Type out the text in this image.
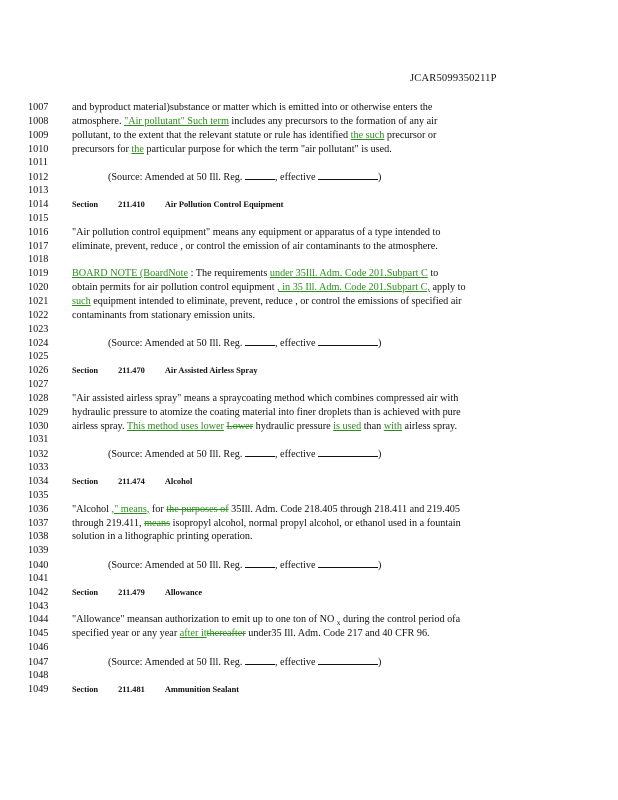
JCAR5099350211P
1007 and byproduct material)substance or matter which is emitted into or otherwise enters the
1008 atmosphere. "Air pollutant" Such term includes any precursors to the formation of any air
1009 pollutant, to the extent that the relevant statute or rule has identified the such precursor or
1010 precursors for the particular purpose for which the term "air pollutant" is used.
1011
1012	(Source: Amended at 50 Ill. Reg.	, effective	)
1013
1014	Section 211.410 Air Pollution Control Equipment
1015
1016 "Air pollution control equipment" means any equipment or apparatus of a type intended to
1017 eliminate, prevent, reduce , or control the emission of air contaminants to the atmosphere.
1018
1019 BOARD NOTE (BoardNote : The requirements under 35Ill. Adm. Code 201.Subpart C to
1020 obtain permits for air pollution control equipment , in 35 Ill. Adm. Code 201.Subpart C, apply to
1021 such equipment intended to eliminate, prevent, reduce , or control the emissions of specified air
1022 contaminants from stationary emission units.
1023
1024	(Source: Amended at 50 Ill. Reg.	, effective	)
1025
1026	Section 211.470 Air Assisted Airless Spray
1027
1028 "Air assisted airless spray" means a spraycoating method which combines compressed air with
1029 hydraulic pressure to atomize the coating material into finer droplets than is achieved with pure
1030 airless spray. This method uses lower Lower hydraulic pressure is used than with airless spray.
1031
1032	(Source: Amended at 50 Ill. Reg.	, effective	)
1033
1034	Section 211.474 Alcohol
1035
1036 "Alcohol ," means, for the purposes of 35Ill. Adm. Code 218.405 through 218.411 and 219.405
1037 through 219.411, means isopropyl alcohol, normal propyl alcohol, or ethanol used in a fountain
1038 solution in a lithographic printing operation.
1039
1040	(Source: Amended at 50 Ill. Reg.	, effective	)
1041
1042	Section 211.479 Allowance
1043
1044 "Allowance" meansan authorization to emit up to one ton of NO $_x$ during the control period ofa
1045 specified year or any year after itthereafter under35 Ill. Adm. Code 217 and 40 CFR 96.
1046
1047	(Source: Amended at 50 Ill. Reg.	, effective	)
1048
1049	Section 211.481 Ammunition Sealant
